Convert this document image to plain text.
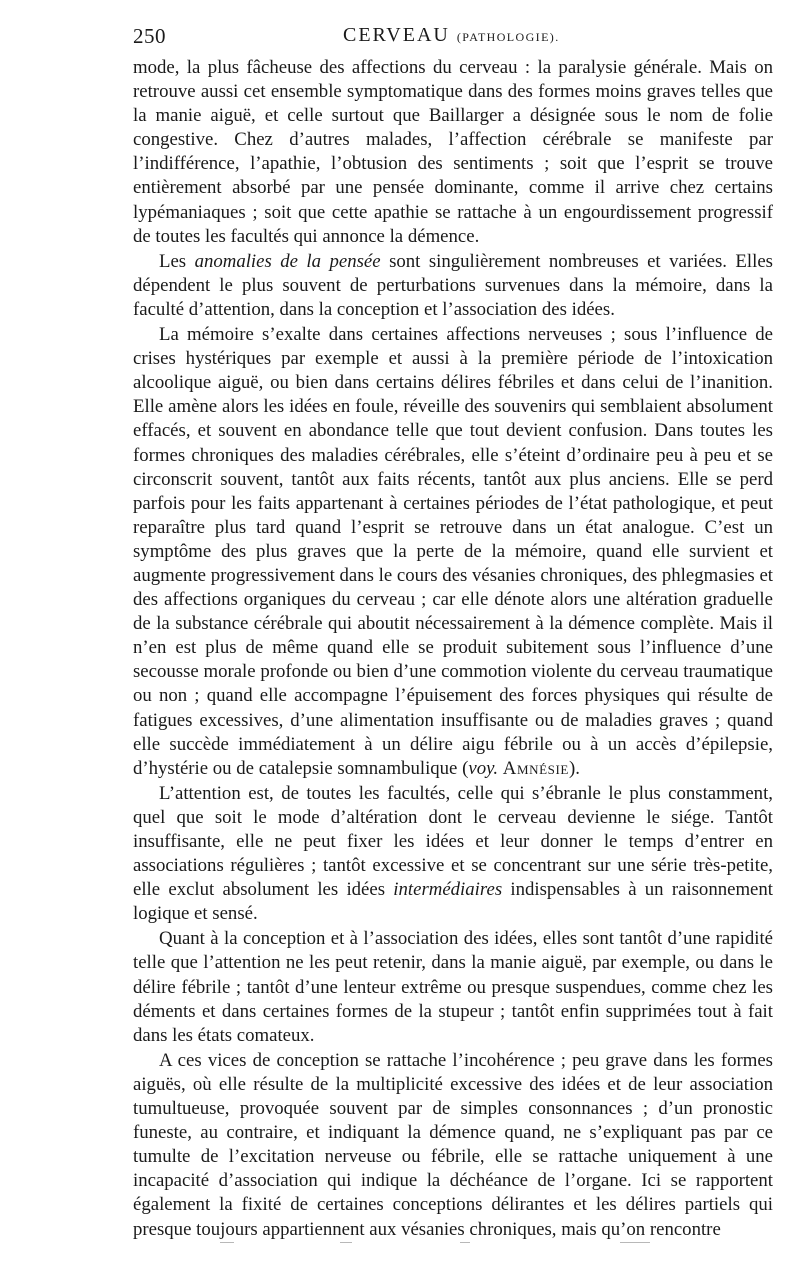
250	CERVEAU (PATHOLOGIE).

mode, la plus fâcheuse des affections du cerveau : la paralysie générale. Mais on retrouve aussi cet ensemble symptomatique dans des formes moins graves telles que la manie aiguë, et celle surtout que Baillarger a désignée sous le nom de folie congestive. Chez d’autres malades, l’affection cérébrale se manifeste par l’indifférence, l’apathie, l’obtusion des sentiments ; soit que l’esprit se trouve entièrement absorbé par une pensée dominante, comme il arrive chez certains lypémaniaques ; soit que cette apathie se rattache à un engourdissement progressif de toutes les facultés qui annonce la démence.

Les anomalies de la pensée sont singulièrement nombreuses et variées. Elles dépendent le plus souvent de perturbations survenues dans la mémoire, dans la faculté d’attention, dans la conception et l’association des idées.

La mémoire s’exalte dans certaines affections nerveuses ; sous l’influence de crises hystériques par exemple et aussi à la première période de l’intoxication alcoolique aiguë, ou bien dans certains délires fébriles et dans celui de l’inanition. Elle amène alors les idées en foule, réveille des souvenirs qui semblaient absolument effacés, et souvent en abondance telle que tout devient confusion. Dans toutes les formes chroniques des maladies cérébrales, elle s’éteint d’ordinaire peu à peu et se circonscrit souvent, tantôt aux faits récents, tantôt aux plus anciens. Elle se perd parfois pour les faits appartenant à certaines périodes de l’état pathologique, et peut reparaître plus tard quand l’esprit se retrouve dans un état analogue. C’est un symptôme des plus graves que la perte de la mémoire, quand elle survient et augmente progressivement dans le cours des vésanies chroniques, des phlegmasies et des affections organiques du cerveau ; car elle dénote alors une altération graduelle de la substance cérébrale qui aboutit nécessairement à la démence complète. Mais il n’en est plus de même quand elle se produit subitement sous l’influence d’une secousse morale profonde ou bien d’une commotion violente du cerveau traumatique ou non ; quand elle accompagne l’épuisement des forces physiques qui résulte de fatigues excessives, d’une alimentation insuffisante ou de maladies graves ; quand elle succède immédiatement à un délire aigu fébrile ou à un accès d’épilepsie, d’hystérie ou de catalepsie somnambulique (voy. Amnésie).

L’attention est, de toutes les facultés, celle qui s’ébranle le plus constamment, quel que soit le mode d’altération dont le cerveau devienne le siége. Tantôt insuffisante, elle ne peut fixer les idées et leur donner le temps d’entrer en associations régulières ; tantôt excessive et se concentrant sur une série très-petite, elle exclut absolument les idées intermédiaires indispensables à un raisonnement logique et sensé.

Quant à la conception et à l’association des idées, elles sont tantôt d’une rapidité telle que l’attention ne les peut retenir, dans la manie aiguë, par exemple, ou dans le délire fébrile ; tantôt d’une lenteur extrême ou presque suspendues, comme chez les déments et dans certaines formes de la stupeur ; tantôt enfin supprimées tout à fait dans les états comateux.

A ces vices de conception se rattache l’incohérence ; peu grave dans les formes aiguës, où elle résulte de la multiplicité excessive des idées et de leur association tumultueuse, provoquée souvent par de simples consonnances ; d’un pronostic funeste, au contraire, et indiquant la démence quand, ne s’expliquant pas par ce tumulte de l’excitation nerveuse ou fébrile, elle se rattache uniquement à une incapacité d’association qui indique la déchéance de l’organe. Ici se rapportent également la fixité de certaines conceptions délirantes et les délires partiels qui presque toujours appartiennent aux vésanies chroniques, mais qu’on rencontre
